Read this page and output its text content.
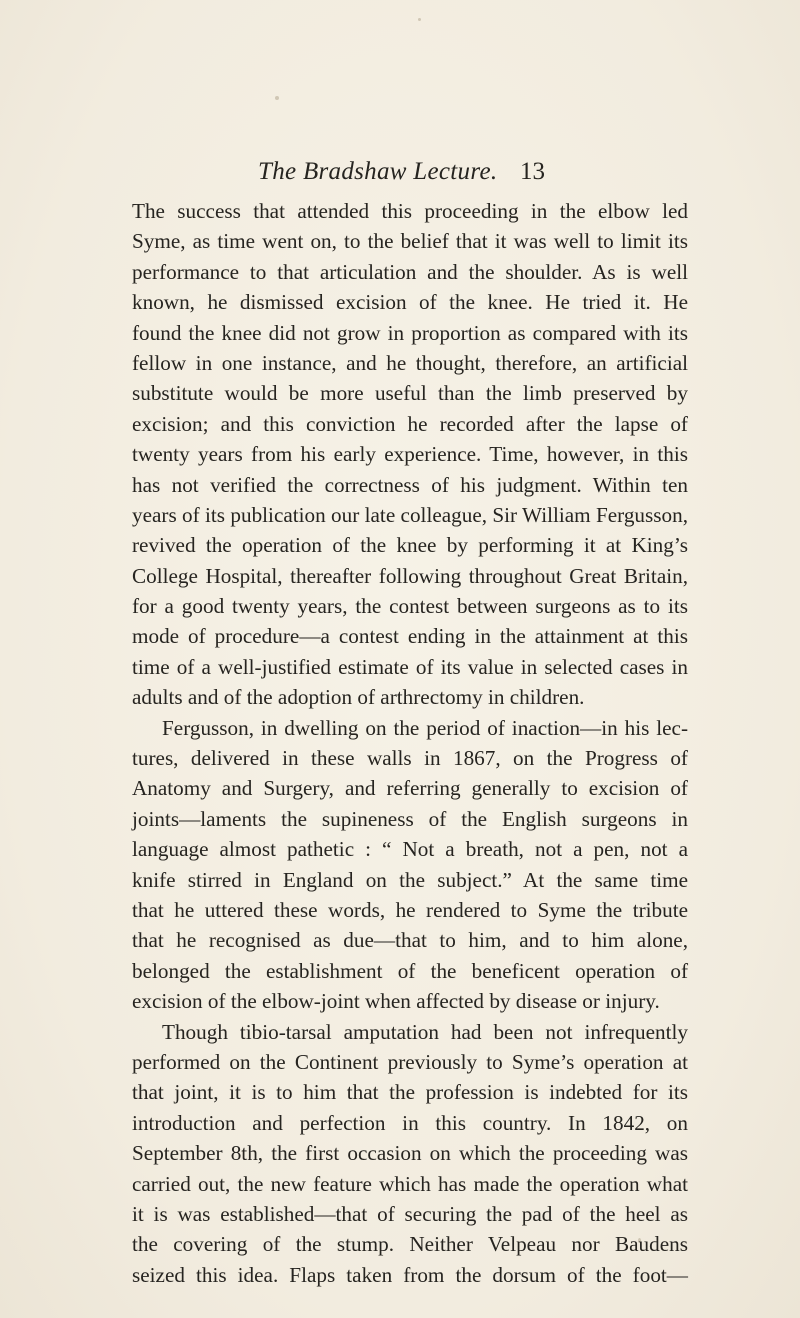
The Bradshaw Lecture. 13
The success that attended this proceeding in the elbow led
Syme, as time went on, to the belief that it was well to limit its
performance to that articulation and the shoulder. As is well
known, he dismissed excision of the knee. He tried it. He
found the knee did not grow in proportion as compared with its
fellow in one instance, and he thought, therefore, an artificial
substitute would be more useful than the limb preserved by
excision; and this conviction he recorded after the lapse of
twenty years from his early experience. Time, however, in this
has not verified the correctness of his judgment. Within ten
years of its publication our late colleague, Sir William Fergusson,
revived the operation of the knee by performing it at King’s
College Hospital, thereafter following throughout Great Britain,
for a good twenty years, the contest between surgeons as to its
mode of procedure—a contest ending in the attainment at this
time of a well-justified estimate of its value in selected cases in
adults and of the adoption of arthrectomy in children.
Fergusson, in dwelling on the period of inaction—in his lec-
tures, delivered in these walls in 1867, on the Progress of
Anatomy and Surgery, and referring generally to excision of
joints—laments the supineness of the English surgeons in
language almost pathetic : “ Not a breath, not a pen, not a
knife stirred in England on the subject.” At the same time
that he uttered these words, he rendered to Syme the tribute
that he recognised as due—that to him, and to him alone,
belonged the establishment of the beneficent operation of
excision of the elbow-joint when affected by disease or injury.
Though tibio-tarsal amputation had been not infrequently
performed on the Continent previously to Syme’s operation at
that joint, it is to him that the profession is indebted for its
introduction and perfection in this country. In 1842, on
September 8th, the first occasion on which the proceeding was
carried out, the new feature which has made the operation what
it is was established—that of securing the pad of the heel as
the covering of the stump. Neither Velpeau nor Baudens
seized this idea. Flaps taken from the dorsum of the foot—
